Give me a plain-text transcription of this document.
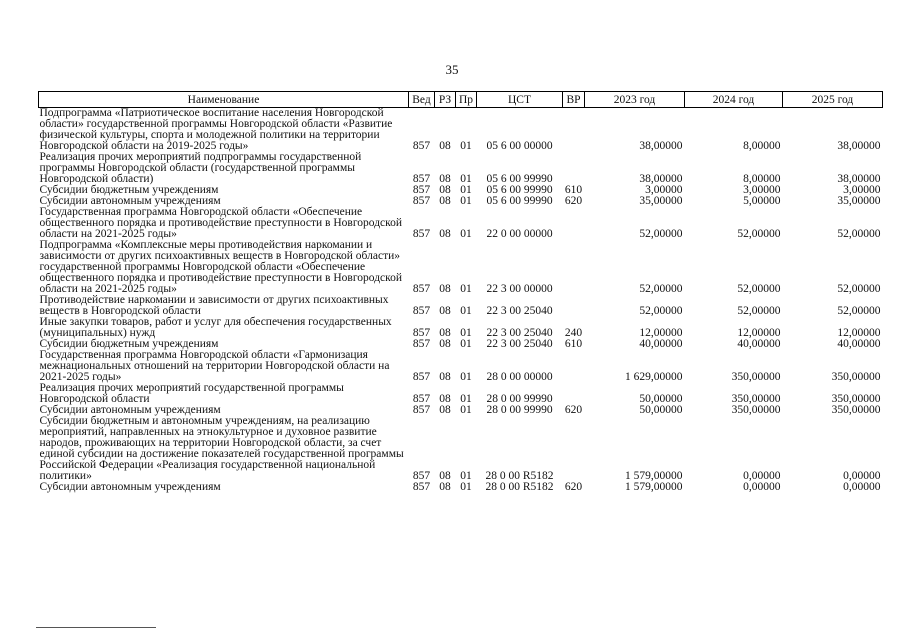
35
Наименование	Вед	РЗ	Пр	ЦСТ	ВР	2023 год	2024 год	2025 год
Подпрограмма «Патриотическое воспитание населения Новгородской области» государственной программы Новгородской области «Развитие физической культуры, спорта и молодежной политики на территории Новгородской области на 2019-2025 годы»	857	08	01	05 6 00 00000		38,00000	8,00000	38,00000
Реализация прочих мероприятий подпрограммы государственной программы Новгородской области (государственной программы Новгородской области)	857	08	01	05 6 00 99990		38,00000	8,00000	38,00000
Субсидии бюджетным учреждениям	857	08	01	05 6 00 99990	610	3,00000	3,00000	3,00000
Субсидии автономным учреждениям	857	08	01	05 6 00 99990	620	35,00000	5,00000	35,00000
Государственная программа Новгородской области «Обеспечение общественного порядка и противодействие преступности в Новгородской области на 2021-2025 годы»	857	08	01	22 0 00 00000		52,00000	52,00000	52,00000
Подпрограмма «Комплексные меры противодействия наркомании и зависимости от других психоактивных веществ в Новгородской области» государственной программы Новгородской области «Обеспечение общественного порядка и противодействие преступности в Новгородской области на 2021-2025 годы»	857	08	01	22 3 00 00000		52,00000	52,00000	52,00000
Противодействие наркомании и зависимости от других психоактивных веществ в Новгородской области	857	08	01	22 3 00 25040		52,00000	52,00000	52,00000
Иные закупки товаров, работ и услуг для обеспечения государственных (муниципальных) нужд	857	08	01	22 3 00 25040	240	12,00000	12,00000	12,00000
Субсидии бюджетным учреждениям	857	08	01	22 3 00 25040	610	40,00000	40,00000	40,00000
Государственная программа Новгородской области «Гармонизация межнациональных отношений на территории Новгородской области на 2021-2025 годы»	857	08	01	28 0 00 00000		1 629,00000	350,00000	350,00000
Реализация прочих мероприятий государственной программы Новгородской области	857	08	01	28 0 00 99990		50,00000	350,00000	350,00000
Субсидии автономным учреждениям	857	08	01	28 0 00 99990	620	50,00000	350,00000	350,00000
Субсидии бюджетным и автономным учреждениям, на реализацию мероприятий, направленных на этнокультурное и духовное развитие народов, проживающих на территории Новгородской области, за счет единой субсидии на достижение показателей государственной программы Российской Федерации «Реализация государственной национальной политики»	857	08	01	28 0 00 R5182		1 579,00000	0,00000	0,00000
Субсидии автономным учреждениям	857	08	01	28 0 00 R5182	620	1 579,00000	0,00000	0,00000
